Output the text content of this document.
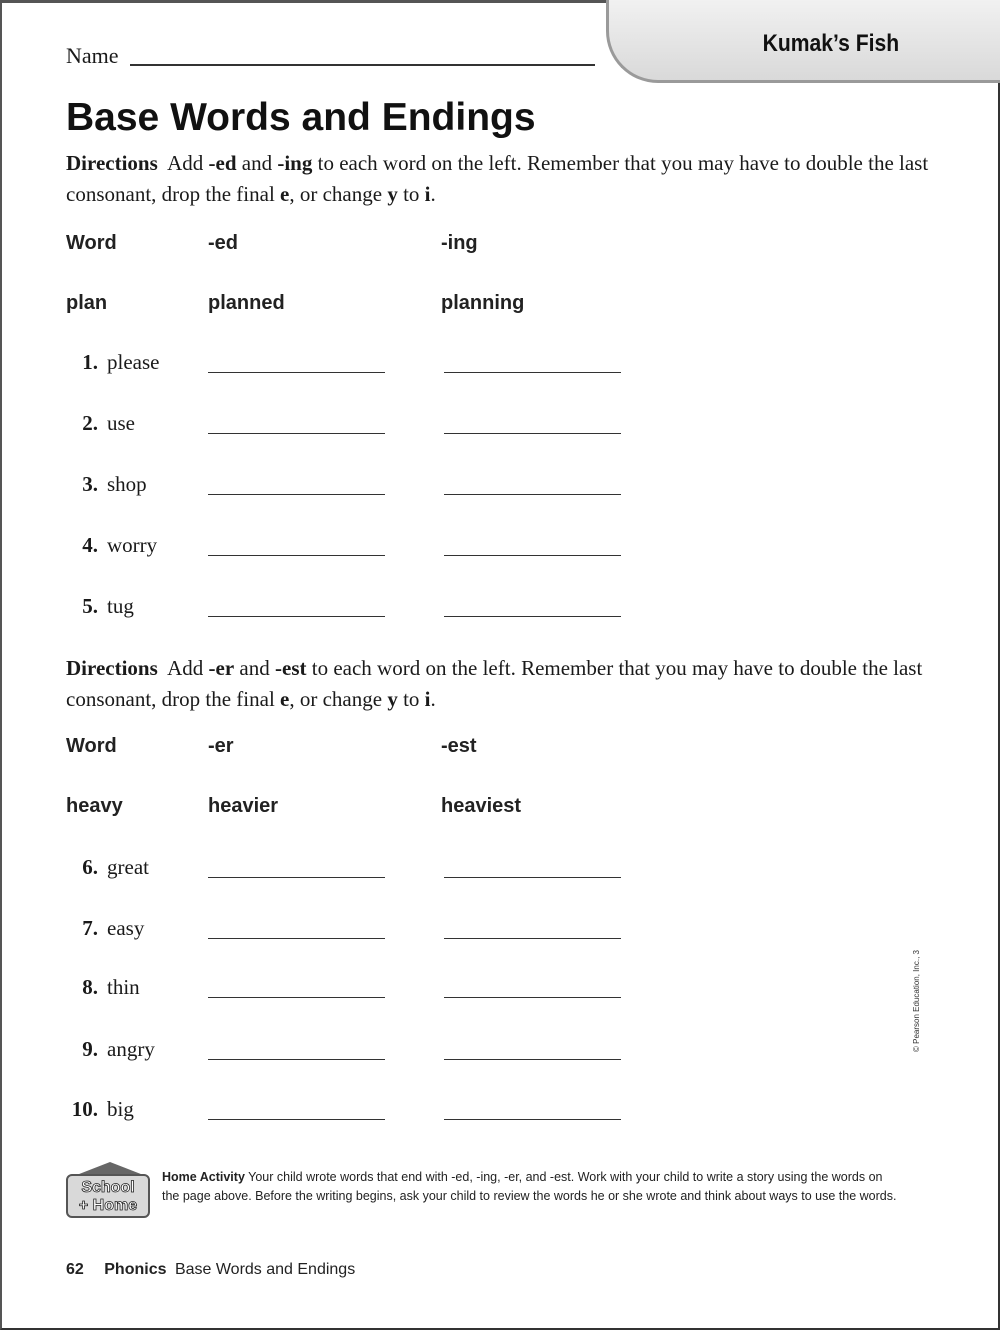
Kumak’s Fish
Name
Base Words and Endings

Directions Add -ed and -ing to each word on the left. Remember that you may have to double the last consonant, drop the final e, or change y to i.

Word	-ed	-ing
plan	planned	planning
1. please
2. use
3. shop
4. worry
5. tug

Directions Add -er and -est to each word on the left. Remember that you may have to double the last consonant, drop the final e, or change y to i.

Word	-er	-est
heavy	heavier	heaviest
6. great
7. easy
8. thin
9. angry
10. big
© Pearson Education, Inc., 3
School
+ Home

Home Activity Your child wrote words that end with -ed, -ing, -er, and -est. Work with your child to write a story using the words on the page above. Before the writing begins, ask your child to review the words he or she wrote and think about ways to use the words.

62 Phonics Base Words and Endings
